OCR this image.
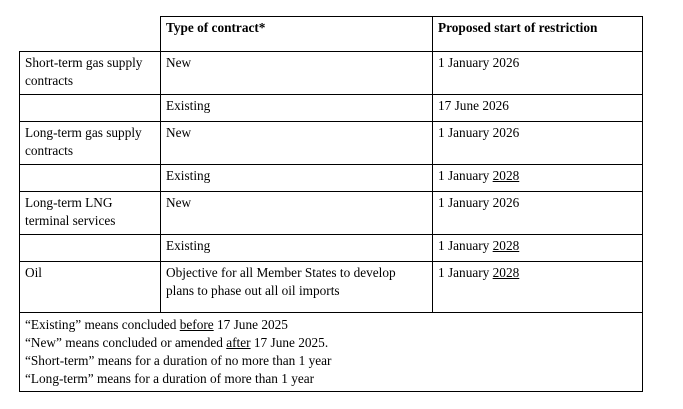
	Type of contract*	Proposed start of restriction
Short-term gas supply contracts	New	1 January 2026
	Existing	17 June 2026
Long-term gas supply contracts	New	1 January 2026
	Existing	1 January 2028
Long-term LNG terminal services	New	1 January 2026
	Existing	1 January 2028
Oil	Objective for all Member States to develop plans to phase out all oil imports	1 January 2028

“Existing” means concluded before 17 June 2025
“New” means concluded or amended after 17 June 2025.
“Short-term” means for a duration of no more than 1 year
“Long-term” means for a duration of more than 1 year		
